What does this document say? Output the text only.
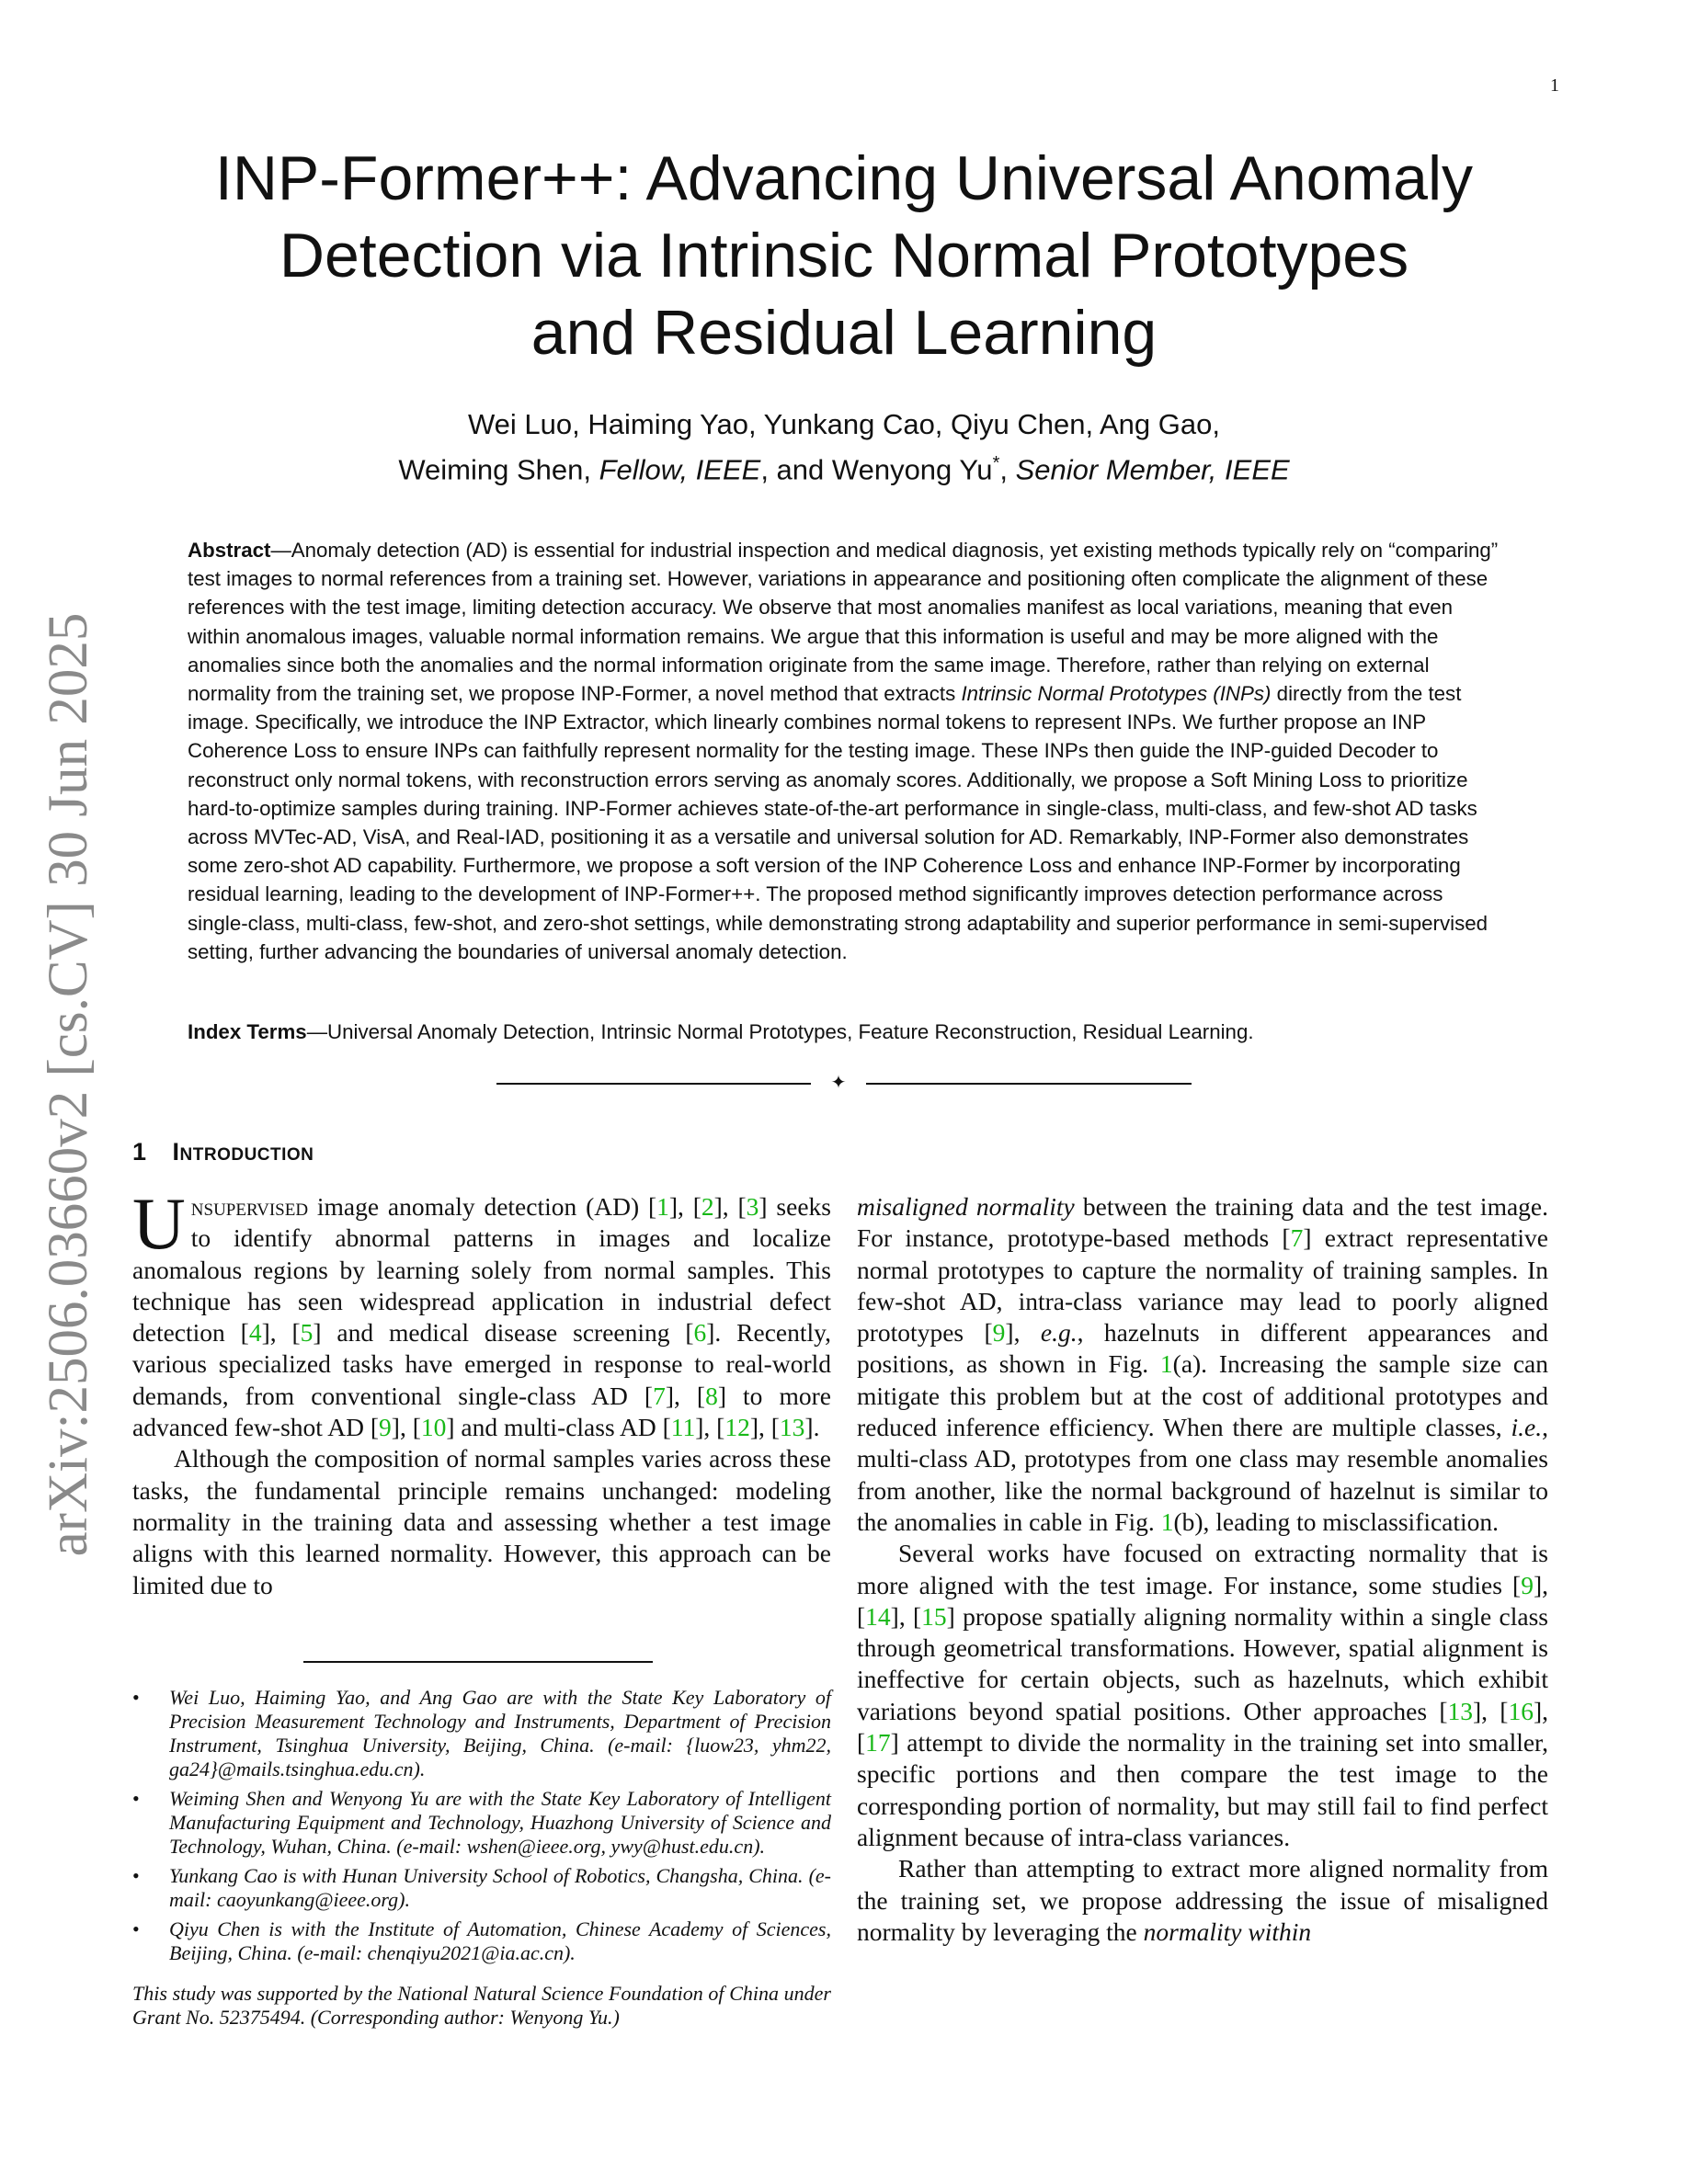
1
arXiv:2506.03660v2 [cs.CV] 30 Jun 2025
INP-Former++: Advancing Universal Anomaly
Detection via Intrinsic Normal Prototypes
and Residual Learning
Wei Luo, Haiming Yao, Yunkang Cao, Qiyu Chen, Ang Gao,
Weiming Shen, Fellow, IEEE, and Wenyong Yu*, Senior Member, IEEE
Abstract—Anomaly detection (AD) is essential for industrial inspection and medical diagnosis, yet existing methods typically rely on “comparing” test images to normal references from a training set. However, variations in appearance and positioning often complicate the alignment of these references with the test image, limiting detection accuracy. We observe that most anomalies manifest as local variations, meaning that even within anomalous images, valuable normal information remains. We argue that this information is useful and may be more aligned with the anomalies since both the anomalies and the normal information originate from the same image. Therefore, rather than relying on external normality from the training set, we propose INP-Former, a novel method that extracts Intrinsic Normal Prototypes (INPs) directly from the test image. Specifically, we introduce the INP Extractor, which linearly combines normal tokens to represent INPs. We further propose an INP Coherence Loss to ensure INPs can faithfully represent normality for the testing image. These INPs then guide the INP-guided Decoder to reconstruct only normal tokens, with reconstruction errors serving as anomaly scores. Additionally, we propose a Soft Mining Loss to prioritize hard-to-optimize samples during training. INP-Former achieves state-of-the-art performance in single-class, multi-class, and few-shot AD tasks across MVTec-AD, VisA, and Real-IAD, positioning it as a versatile and universal solution for AD. Remarkably, INP-Former also demonstrates some zero-shot AD capability. Furthermore, we propose a soft version of the INP Coherence Loss and enhance INP-Former by incorporating residual learning, leading to the development of INP-Former++. The proposed method significantly improves detection performance across single-class, multi-class, few-shot, and zero-shot settings, while demonstrating strong adaptability and superior performance in semi-supervised setting, further advancing the boundaries of universal anomaly detection.
Index Terms—Universal Anomaly Detection, Intrinsic Normal Prototypes, Feature Reconstruction, Residual Learning.
✦
1 Introduction

Unsupervised image anomaly detection (AD) [1], [2], [3] seeks to identify abnormal patterns in images and localize anomalous regions by learning solely from normal samples. This technique has seen widespread application in industrial defect detection [4], [5] and medical disease screening [6]. Recently, various specialized tasks have emerged in response to real-world demands, from conventional single-class AD [7], [8] to more advanced few-shot AD [9], [10] and multi-class AD [11], [12], [13].

Although the composition of normal samples varies across these tasks, the fundamental principle remains unchanged: modeling normality in the training data and assessing whether a test image aligns with this learned normality. However, this approach can be limited due to

misaligned normality between the training data and the test image. For instance, prototype-based methods [7] extract representative normal prototypes to capture the normality of training samples. In few-shot AD, intra-class variance may lead to poorly aligned prototypes [9], e.g., hazelnuts in different appearances and positions, as shown in Fig. 1(a). Increasing the sample size can mitigate this problem but at the cost of additional prototypes and reduced inference efficiency. When there are multiple classes, i.e., multi-class AD, prototypes from one class may resemble anomalies from another, like the normal background of hazelnut is similar to the anomalies in cable in Fig. 1(b), leading to misclassification.

Several works have focused on extracting normality that is more aligned with the test image. For instance, some studies [9], [14], [15] propose spatially aligning normality within a single class through geometrical transformations. However, spatial alignment is ineffective for certain objects, such as hazelnuts, which exhibit variations beyond spatial positions. Other approaches [13], [16], [17] attempt to divide the normality in the training set into smaller, specific portions and then compare the test image to the corresponding portion of normality, but may still fail to find perfect alignment because of intra-class variances.

Rather than attempting to extract more aligned normality from the training set, we propose addressing the issue of misaligned normality by leveraging the normality within

• Wei Luo, Haiming Yao, and Ang Gao are with the State Key Laboratory of Precision Measurement Technology and Instruments, Department of Precision Instrument, Tsinghua University, Beijing, China. (e-mail: {luow23, yhm22, ga24}@mails.tsinghua.edu.cn).
• Weiming Shen and Wenyong Yu are with the State Key Laboratory of Intelligent Manufacturing Equipment and Technology, Huazhong University of Science and Technology, Wuhan, China. (e-mail: wshen@ieee.org, ywy@hust.edu.cn).
• Yunkang Cao is with Hunan University School of Robotics, Changsha, China. (e-mail: caoyunkang@ieee.org).
• Qiyu Chen is with the Institute of Automation, Chinese Academy of Sciences, Beijing, China. (e-mail: chenqiyu2021@ia.ac.cn).
This study was supported by the National Natural Science Foundation of China under Grant No. 52375494. (Corresponding author: Wenyong Yu.)
